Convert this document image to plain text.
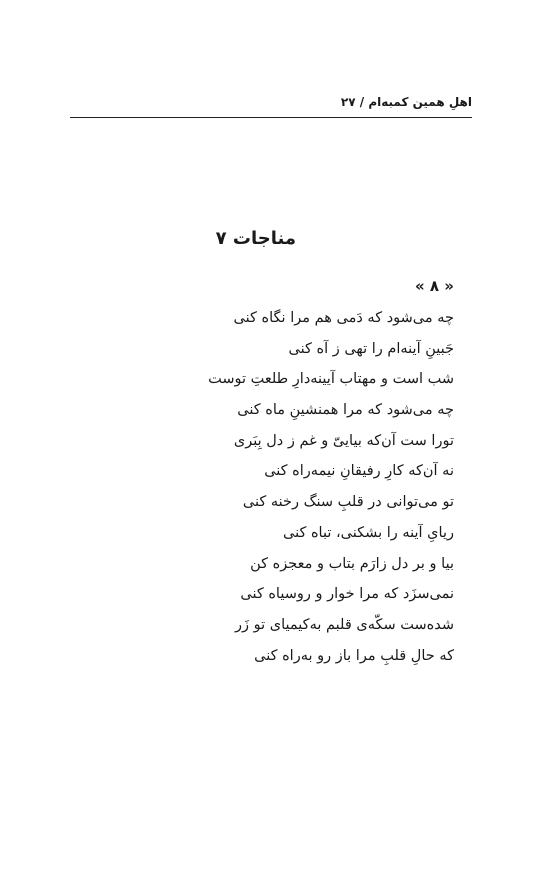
اهلِ همین کمبه‌ام / ۲۷
مناجات ۷
« ۸ »
چه می‌شود که دَمی هم مرا نگاه کنی
جَبینِ آینه‌ام را تهی ز آه کنی
شب است و مهتاب آیینه‌دارِ طلعتِ توست
چه می‌شود که مرا همنشینِ ماه کنی
تورا ست آن‌که بیاییّ و غم ز دل بِبَری
نه آن‌که کارِ رفیقانِ نیمه‌راه کنی
تو می‌توانی در قلبِ سنگ رخنه کنی
ریایِ آینه را بشکنی، تباه کنی
بیا و بر دل زارَم بتاب و معجزه کن
نمی‌سزَد که مرا خوار و روسیاه کنی
شده‌ست سکّه‌ی قلبم به‌کیمیای تو زَر
که حالِ قلبِ مرا باز رو به‌راه کنی
